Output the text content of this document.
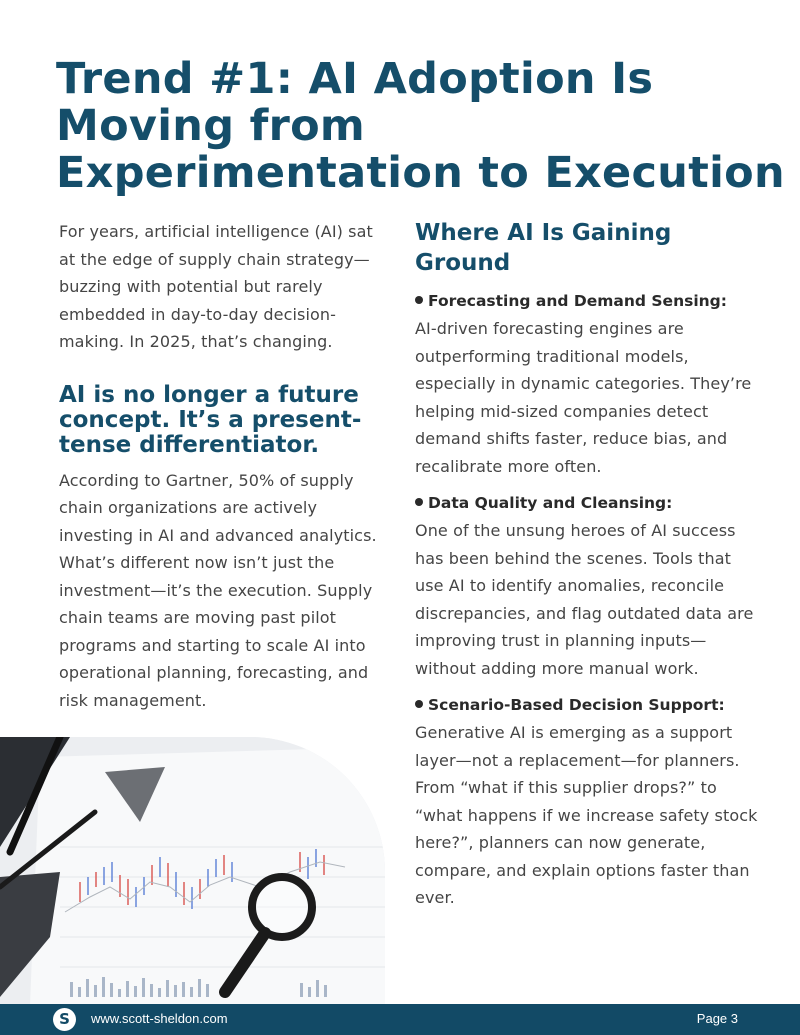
Trend #1: AI Adoption Is Moving from Experimentation to Execution

For years, artificial intelligence (AI) sat at the edge of supply chain strategy—buzzing with potential but rarely embedded in day-to-day decision-making. In 2025, that’s changing.

AI is no longer a future concept. It’s a present-tense differentiator.

According to Gartner, 50% of supply chain organizations are actively investing in AI and advanced analytics. What’s different now isn’t just the investment—it’s the execution. Supply chain teams are moving past pilot programs and starting to scale AI into operational planning, forecasting, and risk management.

Where AI Is Gaining Ground
Forecasting and Demand Sensing:

AI-driven forecasting engines are outperforming traditional models, especially in dynamic categories. They’re helping mid-sized companies detect demand shifts faster, reduce bias, and recalibrate more often.

Data Quality and Cleansing:

One of the unsung heroes of AI success has been behind the scenes. Tools that use AI to identify anomalies, reconcile discrepancies, and flag outdated data are improving trust in planning inputs—without adding more manual work.

Scenario-Based Decision Support:

Generative AI is emerging as a support layer—not a replacement—for planners. From “what if this supplier drops?” to “what happens if we increase safety stock here?”, planners can now generate, compare, and explain options faster than ever.

S	www.scott-sheldon.com	Page 3
